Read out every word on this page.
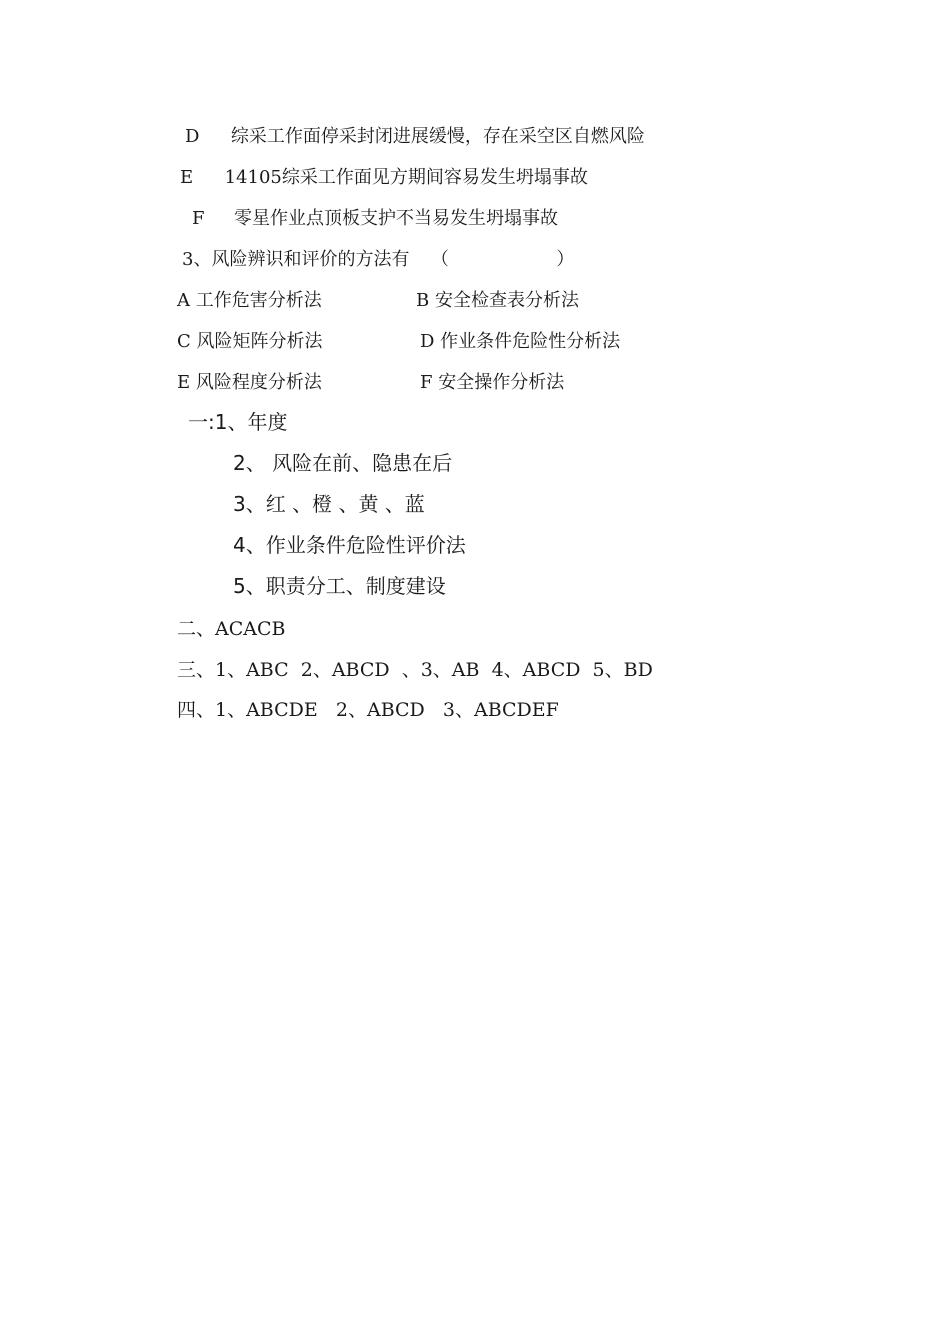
D 综采工作面停采封闭进展缓慢，存在采空区自燃风险
E 14105综采工作面见方期间容易发生坍塌事故
F 零星作业点顶板支护不当易发生坍塌事故
3、风险辨识和评价的方法有 （	）
A 工作危害分析法	B 安全检查表分析法
C 风险矩阵分析法	D 作业条件危险性分析法
E 风险程度分析法	F 安全操作分析法
一:1、年度
2、 风险在前、隐患在后
3、红 、橙 、黄 、蓝
4、作业条件危险性评价法
5、职责分工、制度建设
二、ACACB
三、1、ABC  2、ABCD  、3、AB  4、ABCD  5、BD
四、1、ABCDE   2、ABCD   3、ABCDEF
